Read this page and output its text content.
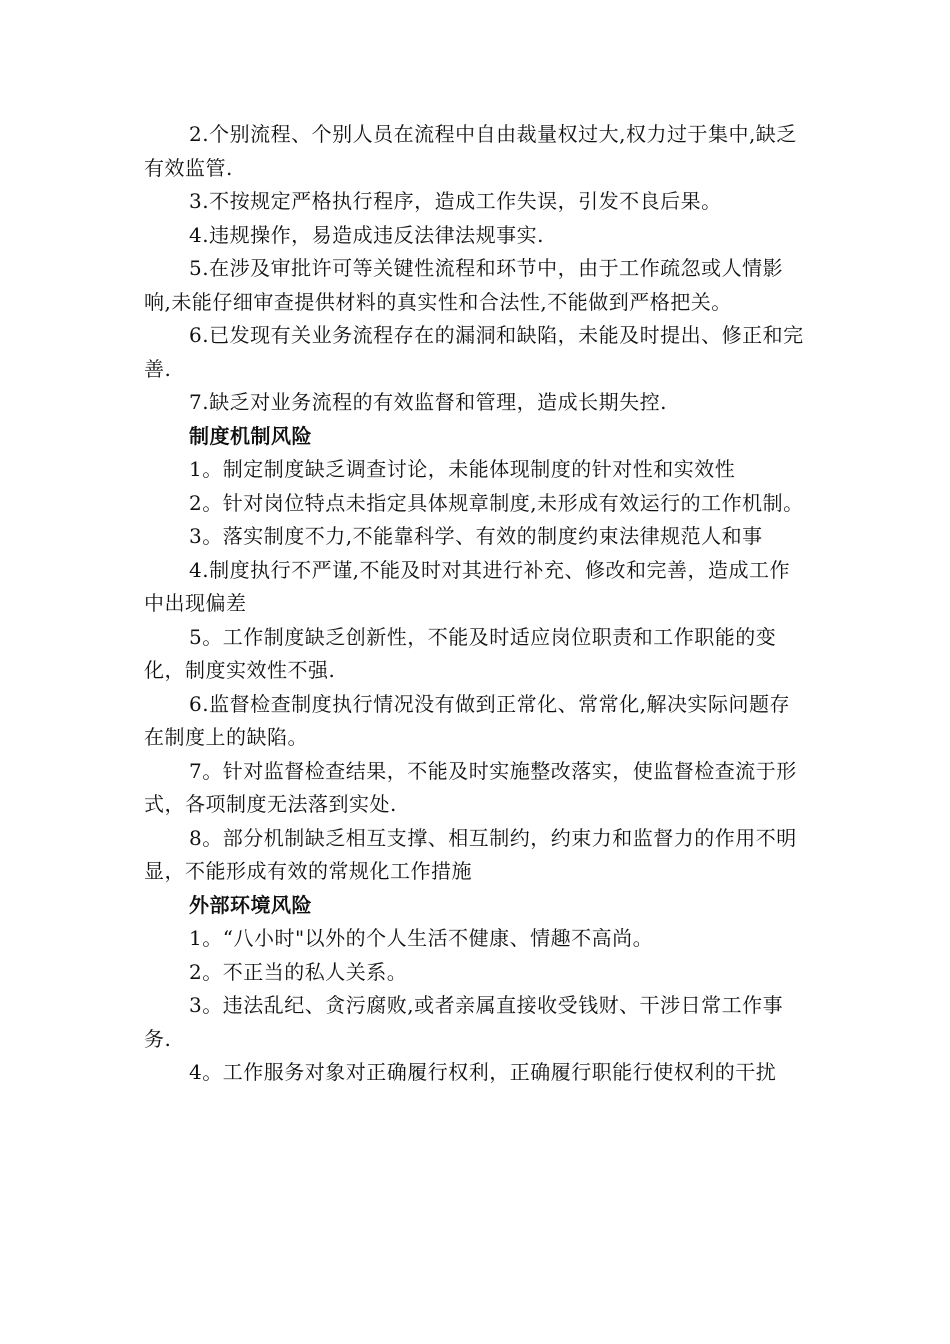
2.个别流程、个别人员在流程中自由裁量权过大,权力过于集中,缺乏有效监管.

3.不按规定严格执行程序，造成工作失误，引发不良后果。

4.违规操作，易造成违反法律法规事实.

5.在涉及审批许可等关键性流程和环节中，由于工作疏忽或人情影响,未能仔细审查提供材料的真实性和合法性,不能做到严格把关。

6.已发现有关业务流程存在的漏洞和缺陷，未能及时提出、修正和完善.

7.缺乏对业务流程的有效监督和管理，造成长期失控.

制度机制风险

1。制定制度缺乏调查讨论，未能体现制度的针对性和实效性

2。针对岗位特点未指定具体规章制度,未形成有效运行的工作机制。

3。落实制度不力,不能靠科学、有效的制度约束法律规范人和事

4.制度执行不严谨,不能及时对其进行补充、修改和完善，造成工作中出现偏差

5。工作制度缺乏创新性，不能及时适应岗位职责和工作职能的变化，制度实效性不强.

6.监督检查制度执行情况没有做到正常化、常常化,解决实际问题存在制度上的缺陷。

7。针对监督检查结果，不能及时实施整改落实，使监督检查流于形式，各项制度无法落到实处.

8。部分机制缺乏相互支撑、相互制约，约束力和监督力的作用不明显，不能形成有效的常规化工作措施

外部环境风险

1。“八小时"以外的个人生活不健康、情趣不高尚。

2。不正当的私人关系。

3。违法乱纪、贪污腐败,或者亲属直接收受钱财、干涉日常工作事务.

4。工作服务对象对正确履行权利，正确履行职能行使权利的干扰
